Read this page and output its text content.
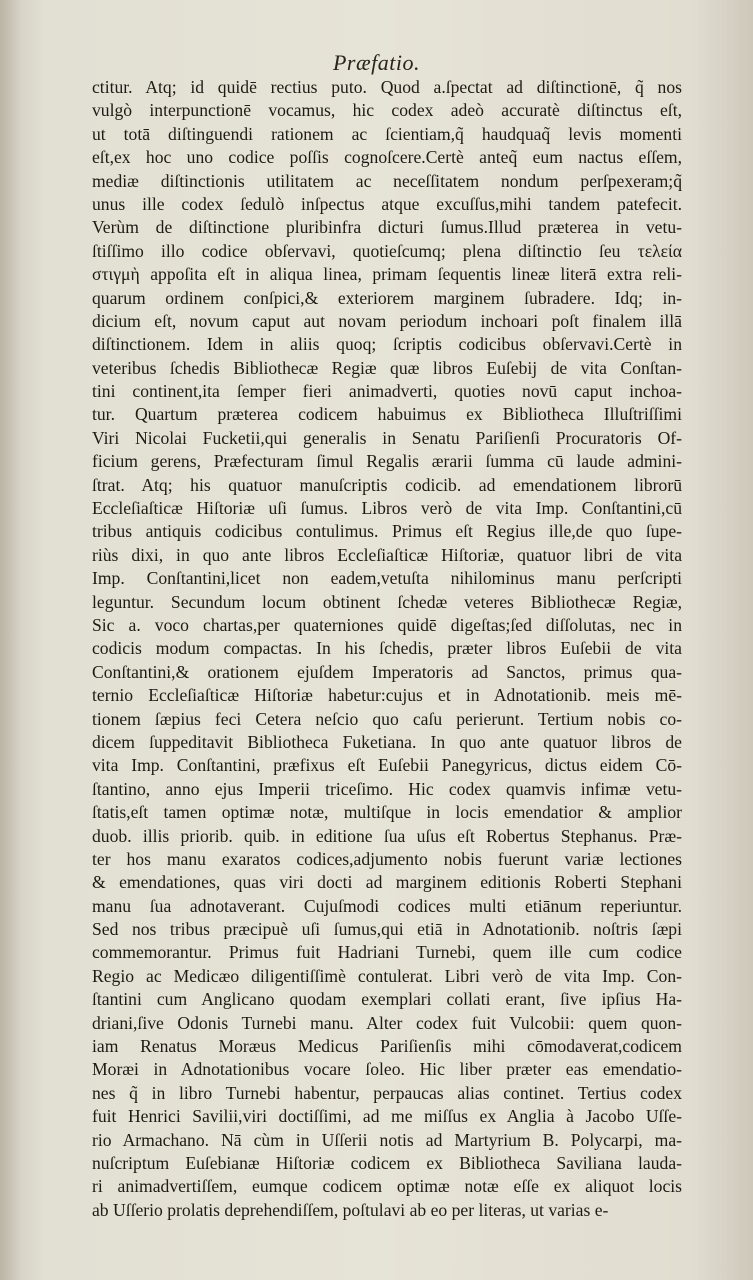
Præfatio.
ctitur. Atq; id quidē rectius puto. Quod a.ſpectat ad diſtinctionē, q̃ nos
vulgò interpunctionē vocamus, hic codex adeò accuratè diſtinctus eſt,
ut totā diſtinguendi rationem ac ſcientiam,q̃ haudquaq̃ levis momenti
eſt,ex hoc uno codice poſſis cognoſcere.Certè anteq̃ eum nactus eſſem,
mediæ diſtinctionis utilitatem ac neceſſitatem nondum perſpexeram;q̃
unus ille codex ſedulò inſpectus atque excuſſus,mihi tandem patefecit.
Verùm de diſtinctione pluribinfra dicturi ſumus.Illud præterea in vetu-
ſtiſſimo illo codice obſervavi, quotieſcumq; plena diſtinctio ſeu τελεία
στιγμὴ appoſita eſt in aliqua linea, primam ſequentis lineæ literā extra reli-
quarum ordinem conſpici,& exteriorem marginem ſubradere. Idq; in-
dicium eſt, novum caput aut novam periodum inchoari poſt finalem illā
diſtinctionem. Idem in aliis quoq; ſcriptis codicibus obſervavi.Certè in
veteribus ſchedis Bibliothecæ Regiæ quæ libros Euſebij de vita Conſtan-
tini continent,ita ſemper fieri animadverti, quoties novū caput inchoa-
tur. Quartum præterea codicem habuimus ex Bibliotheca Illuſtriſſimi
Viri Nicolai Fucketii,qui generalis in Senatu Pariſienſi Procuratoris Of-
ficium gerens, Præfecturam ſimul Regalis ærarii ſumma cū laude admini-
ſtrat. Atq; his quatuor manuſcriptis codicib. ad emendationem librorū
Eccleſiaſticæ Hiſtoriæ uſi ſumus. Libros verò de vita Imp. Conſtantini,cū
tribus antiquis codicibus contulimus. Primus eſt Regius ille,de quo ſupe-
riùs dixi, in quo ante libros Eccleſiaſticæ Hiſtoriæ, quatuor libri de vita
Imp. Conſtantini,licet non eadem,vetuſta nihilominus manu perſcripti
leguntur. Secundum locum obtinent ſchedæ veteres Bibliothecæ Regiæ,
Sic a. voco chartas,per quaterniones quidē digeſtas;ſed diſſolutas, nec in
codicis modum compactas. In his ſchedis, præter libros Euſebii de vita
Conſtantini,& orationem ejuſdem Imperatoris ad Sanctos, primus qua-
ternio Eccleſiaſticæ Hiſtoriæ habetur:cujus et in Adnotationib. meis mē-
tionem ſæpius feci Cetera neſcio quo caſu perierunt. Tertium nobis co-
dicem ſuppeditavit Bibliotheca Fuketiana. In quo ante quatuor libros de
vita Imp. Conſtantini, præfixus eſt Euſebii Panegyricus, dictus eidem Cō-
ſtantino, anno ejus Imperii triceſimo. Hic codex quamvis infimæ vetu-
ſtatis,eſt tamen optimæ notæ, multiſque in locis emendatior & amplior
duob. illis priorib. quib. in editione ſua uſus eſt Robertus Stephanus. Præ-
ter hos manu exaratos codices,adjumento nobis fuerunt variæ lectiones
& emendationes, quas viri docti ad marginem editionis Roberti Stephani
manu ſua adnotaverant. Cujuſmodi codices multi etiānum reperiuntur.
Sed nos tribus præcipuè uſi ſumus,qui etiā in Adnotationib. noſtris ſæpi
commemorantur. Primus fuit Hadriani Turnebi, quem ille cum codice
Regio ac Medicæo diligentiſſimè contulerat. Libri verò de vita Imp. Con-
ſtantini cum Anglicano quodam exemplari collati erant, ſive ipſius Ha-
driani,ſive Odonis Turnebi manu. Alter codex fuit Vulcobii: quem quon-
iam Renatus Moræus Medicus Pariſienſis mihi cōmodaverat,codicem
Moræi in Adnotationibus vocare ſoleo. Hic liber præter eas emendatio-
nes q̃ in libro Turnebi habentur, perpaucas alias continet. Tertius codex
fuit Henrici Savilii,viri doctiſſimi, ad me miſſus ex Anglia à Jacobo Uſſe-
rio Armachano. Nā cùm in Uſſerii notis ad Martyrium B. Polycarpi, ma-
nuſcriptum Euſebianæ Hiſtoriæ codicem ex Bibliotheca Saviliana lauda-
ri animadvertiſſem, eumque codicem optimæ notæ eſſe ex aliquot locis
ab Uſſerio prolatis deprehendiſſem, poſtulavi ab eo per literas, ut varias e-
